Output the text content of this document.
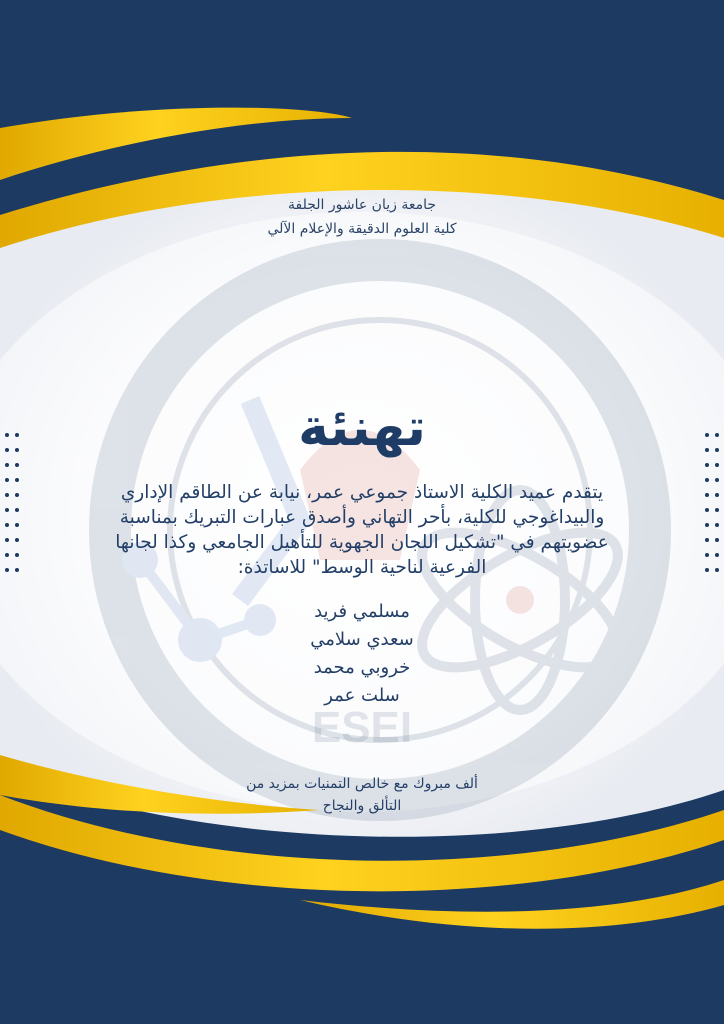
ESEI
جامعة زيان عاشور الجلفة
كلية العلوم الدقيقة والإعلام الآلي
تهنئة
يتقدم عميد الكلية الاستاذ جموعي عمر، نيابة عن الطاقم الإداري
والبيداغوجي للكلية، بأحر التهاني وأصدق عبارات التبريك بمناسبة
عضويتهم في "تشكيل اللجان الجهوية للتأهيل الجامعي وكذا لجانها
الفرعية لناحية الوسط" للاساتذة:
مسلمي فريد
سعدي سلامي
خروبي محمد
سلت عمر
ألف مبروك مع خالص التمنيات بمزيد من
التألق والنجاح
